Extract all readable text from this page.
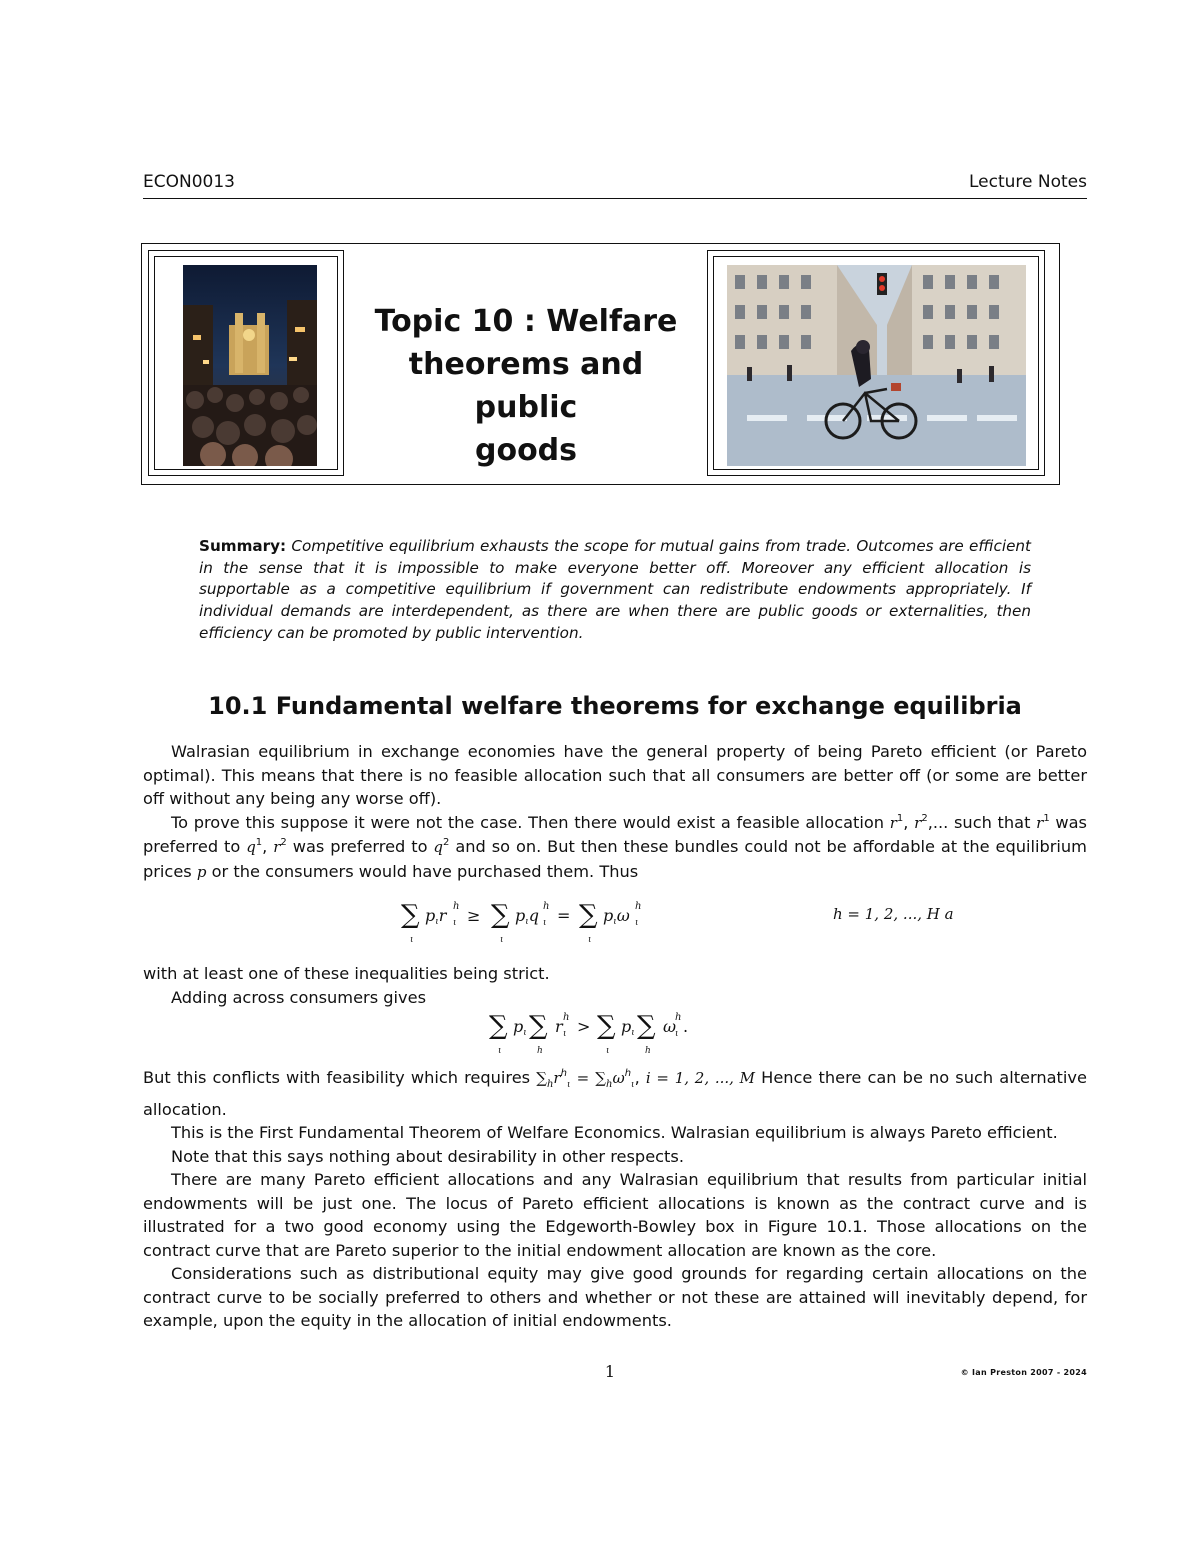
ECON0013	Lecture Notes
Topic 10 : Welfare
theorems and public
goods
Summary: Competitive equilibrium exhausts the scope for mutual gains from trade. Outcomes are efficient in the sense that it is impossible to make everyone better off. Moreover any efficient allocation is supportable as a competitive equilibrium if government can redistribute endowments appropriately. If individual demands are interdependent, as there are when there are public goods or externalities, then efficiency can be promoted by public intervention.
10.1 Fundamental welfare theorems for exchange equilibria

Walrasian equilibrium in exchange economies have the general property of being Pareto efficient (or Pareto optimal). This means that there is no feasible allocation such that all consumers are better off (or some are better off without any being any worse off).

To prove this suppose it were not the case. Then there would exist a feasible allocation $r^1$, $r^2$,... such that $r^1$ was preferred to $q^1$, $r^2$ was preferred to $q^2$ and so on. But then these bundles could not be affordable at the equilibrium prices p or the consumers would have purchased them. Thus

∑
ι
pιr h
ι ≥ ∑
ι
pιq h
ι = ∑
ι
pιω h
ι	h = 1, 2, ..., H a

with at least one of these inequalities being strict.

Adding across consumers gives

∑
ι
pι ∑
h
r h
ι > ∑
ι
pι ∑
h
ω
h
ι .

But this conflicts with feasibility which requires $\sum_hr^h_\iota = \sum_h\omega^h_\iota$, i = 1, 2, ..., M Hence there can be no such alternative allocation.

This is the First Fundamental Theorem of Welfare Economics. Walrasian equilibrium is always Pareto efficient.

Note that this says nothing about desirability in other respects.

There are many Pareto efficient allocations and any Walrasian equilibrium that results from particular initial endowments will be just one. The locus of Pareto efficient allocations is known as the contract curve and is illustrated for a two good economy using the Edgeworth-Bowley box in Figure 10.1. Those allocations on the contract curve that are Pareto superior to the initial endowment allocation are known as the core.

Considerations such as distributional equity may give good grounds for regarding certain allocations on the contract curve to be socially preferred to others and whether or not these are attained will inevitably depend, for example, upon the equity in the allocation of initial endowments.

1	© Ian Preston 2007 - 2024
